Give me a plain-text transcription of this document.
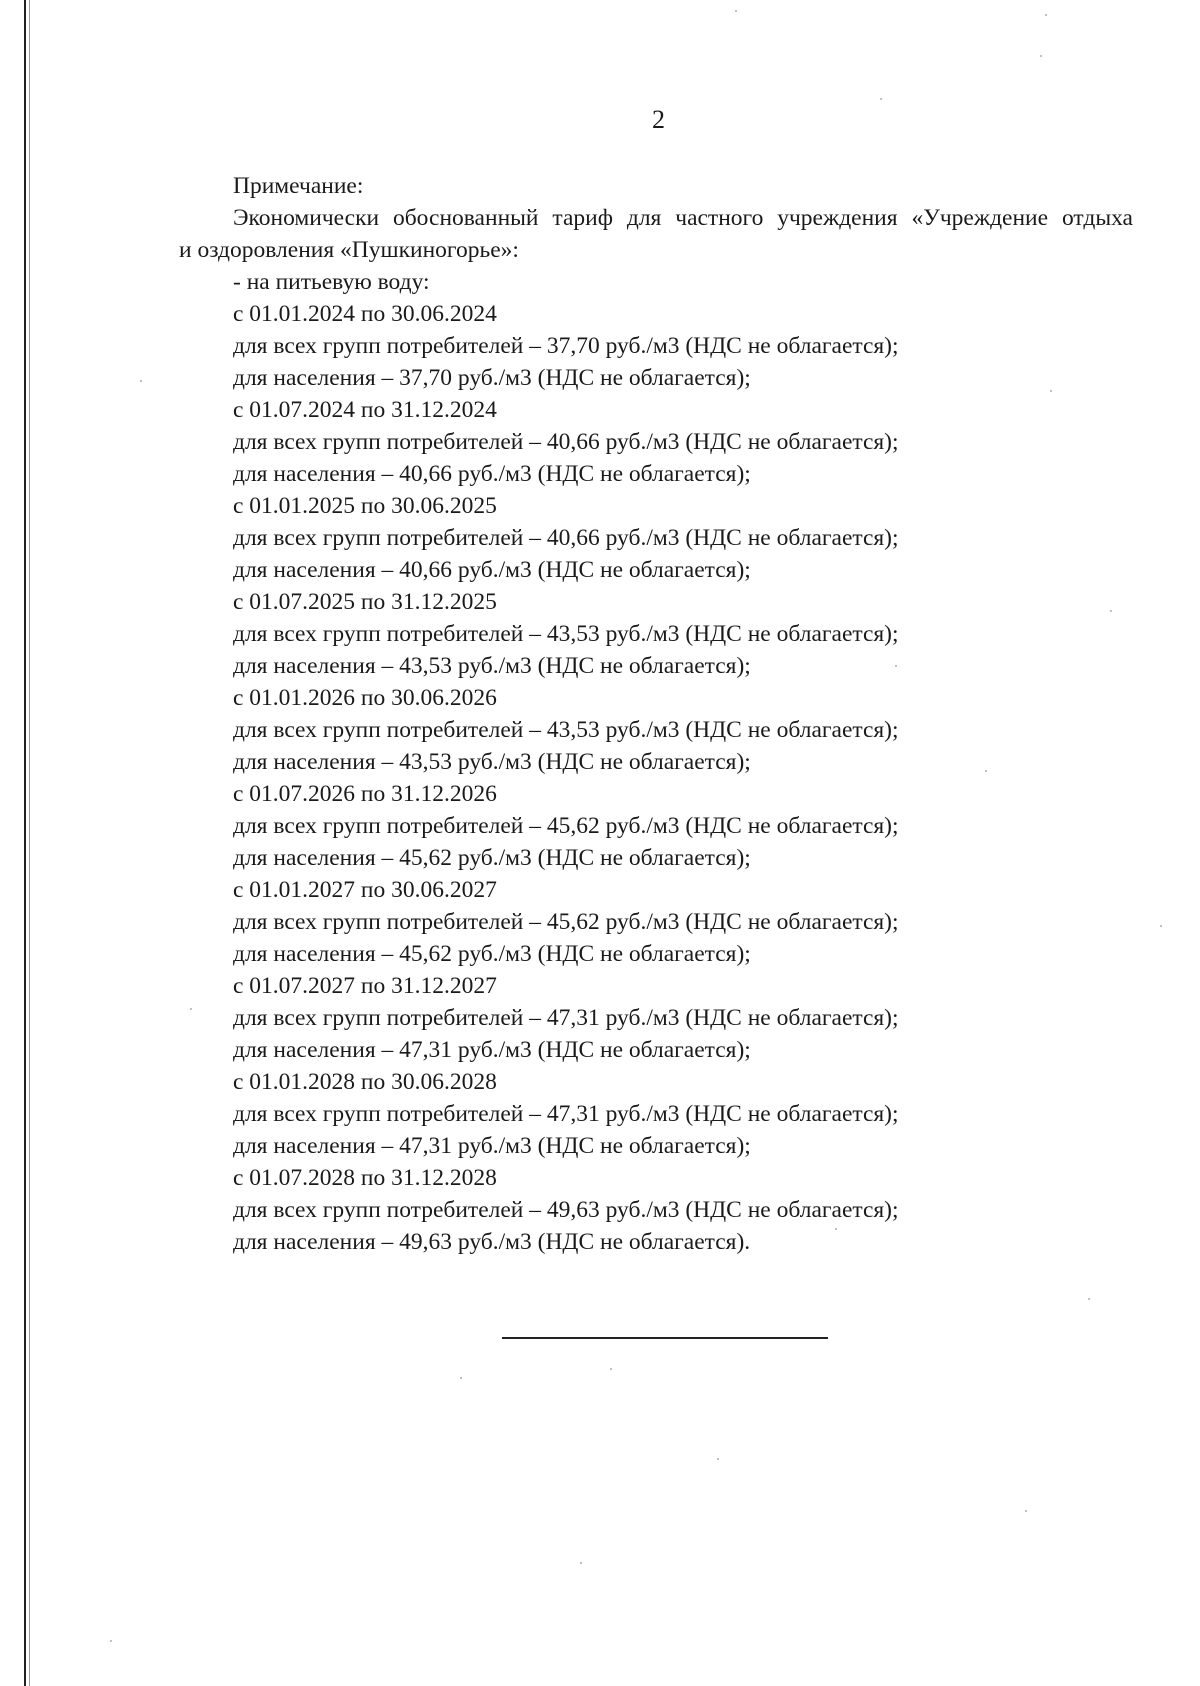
2
Примечание:
Экономически обоснованный тариф для частного учреждения «Учреждение отдыха
и оздоровления «Пушкиногорье»:
- на питьевую воду:
с 01.01.2024 по 30.06.2024
для всех групп потребителей – 37,70 руб./м3 (НДС не облагается);
для населения – 37,70 руб./м3 (НДС не облагается);
с 01.07.2024 по 31.12.2024
для всех групп потребителей – 40,66 руб./м3 (НДС не облагается);
для населения – 40,66 руб./м3 (НДС не облагается);
с 01.01.2025 по 30.06.2025
для всех групп потребителей – 40,66 руб./м3 (НДС не облагается);
для населения – 40,66 руб./м3 (НДС не облагается);
с 01.07.2025 по 31.12.2025
для всех групп потребителей – 43,53 руб./м3 (НДС не облагается);
для населения – 43,53 руб./м3 (НДС не облагается);
с 01.01.2026 по 30.06.2026
для всех групп потребителей – 43,53 руб./м3 (НДС не облагается);
для населения – 43,53 руб./м3 (НДС не облагается);
с 01.07.2026 по 31.12.2026
для всех групп потребителей – 45,62 руб./м3 (НДС не облагается);
для населения – 45,62 руб./м3 (НДС не облагается);
с 01.01.2027 по 30.06.2027
для всех групп потребителей – 45,62 руб./м3 (НДС не облагается);
для населения – 45,62 руб./м3 (НДС не облагается);
с 01.07.2027 по 31.12.2027
для всех групп потребителей – 47,31 руб./м3 (НДС не облагается);
для населения – 47,31 руб./м3 (НДС не облагается);
с 01.01.2028 по 30.06.2028
для всех групп потребителей – 47,31 руб./м3 (НДС не облагается);
для населения – 47,31 руб./м3 (НДС не облагается);
с 01.07.2028 по 31.12.2028
для всех групп потребителей – 49,63 руб./м3 (НДС не облагается);
для населения – 49,63 руб./м3 (НДС не облагается).
